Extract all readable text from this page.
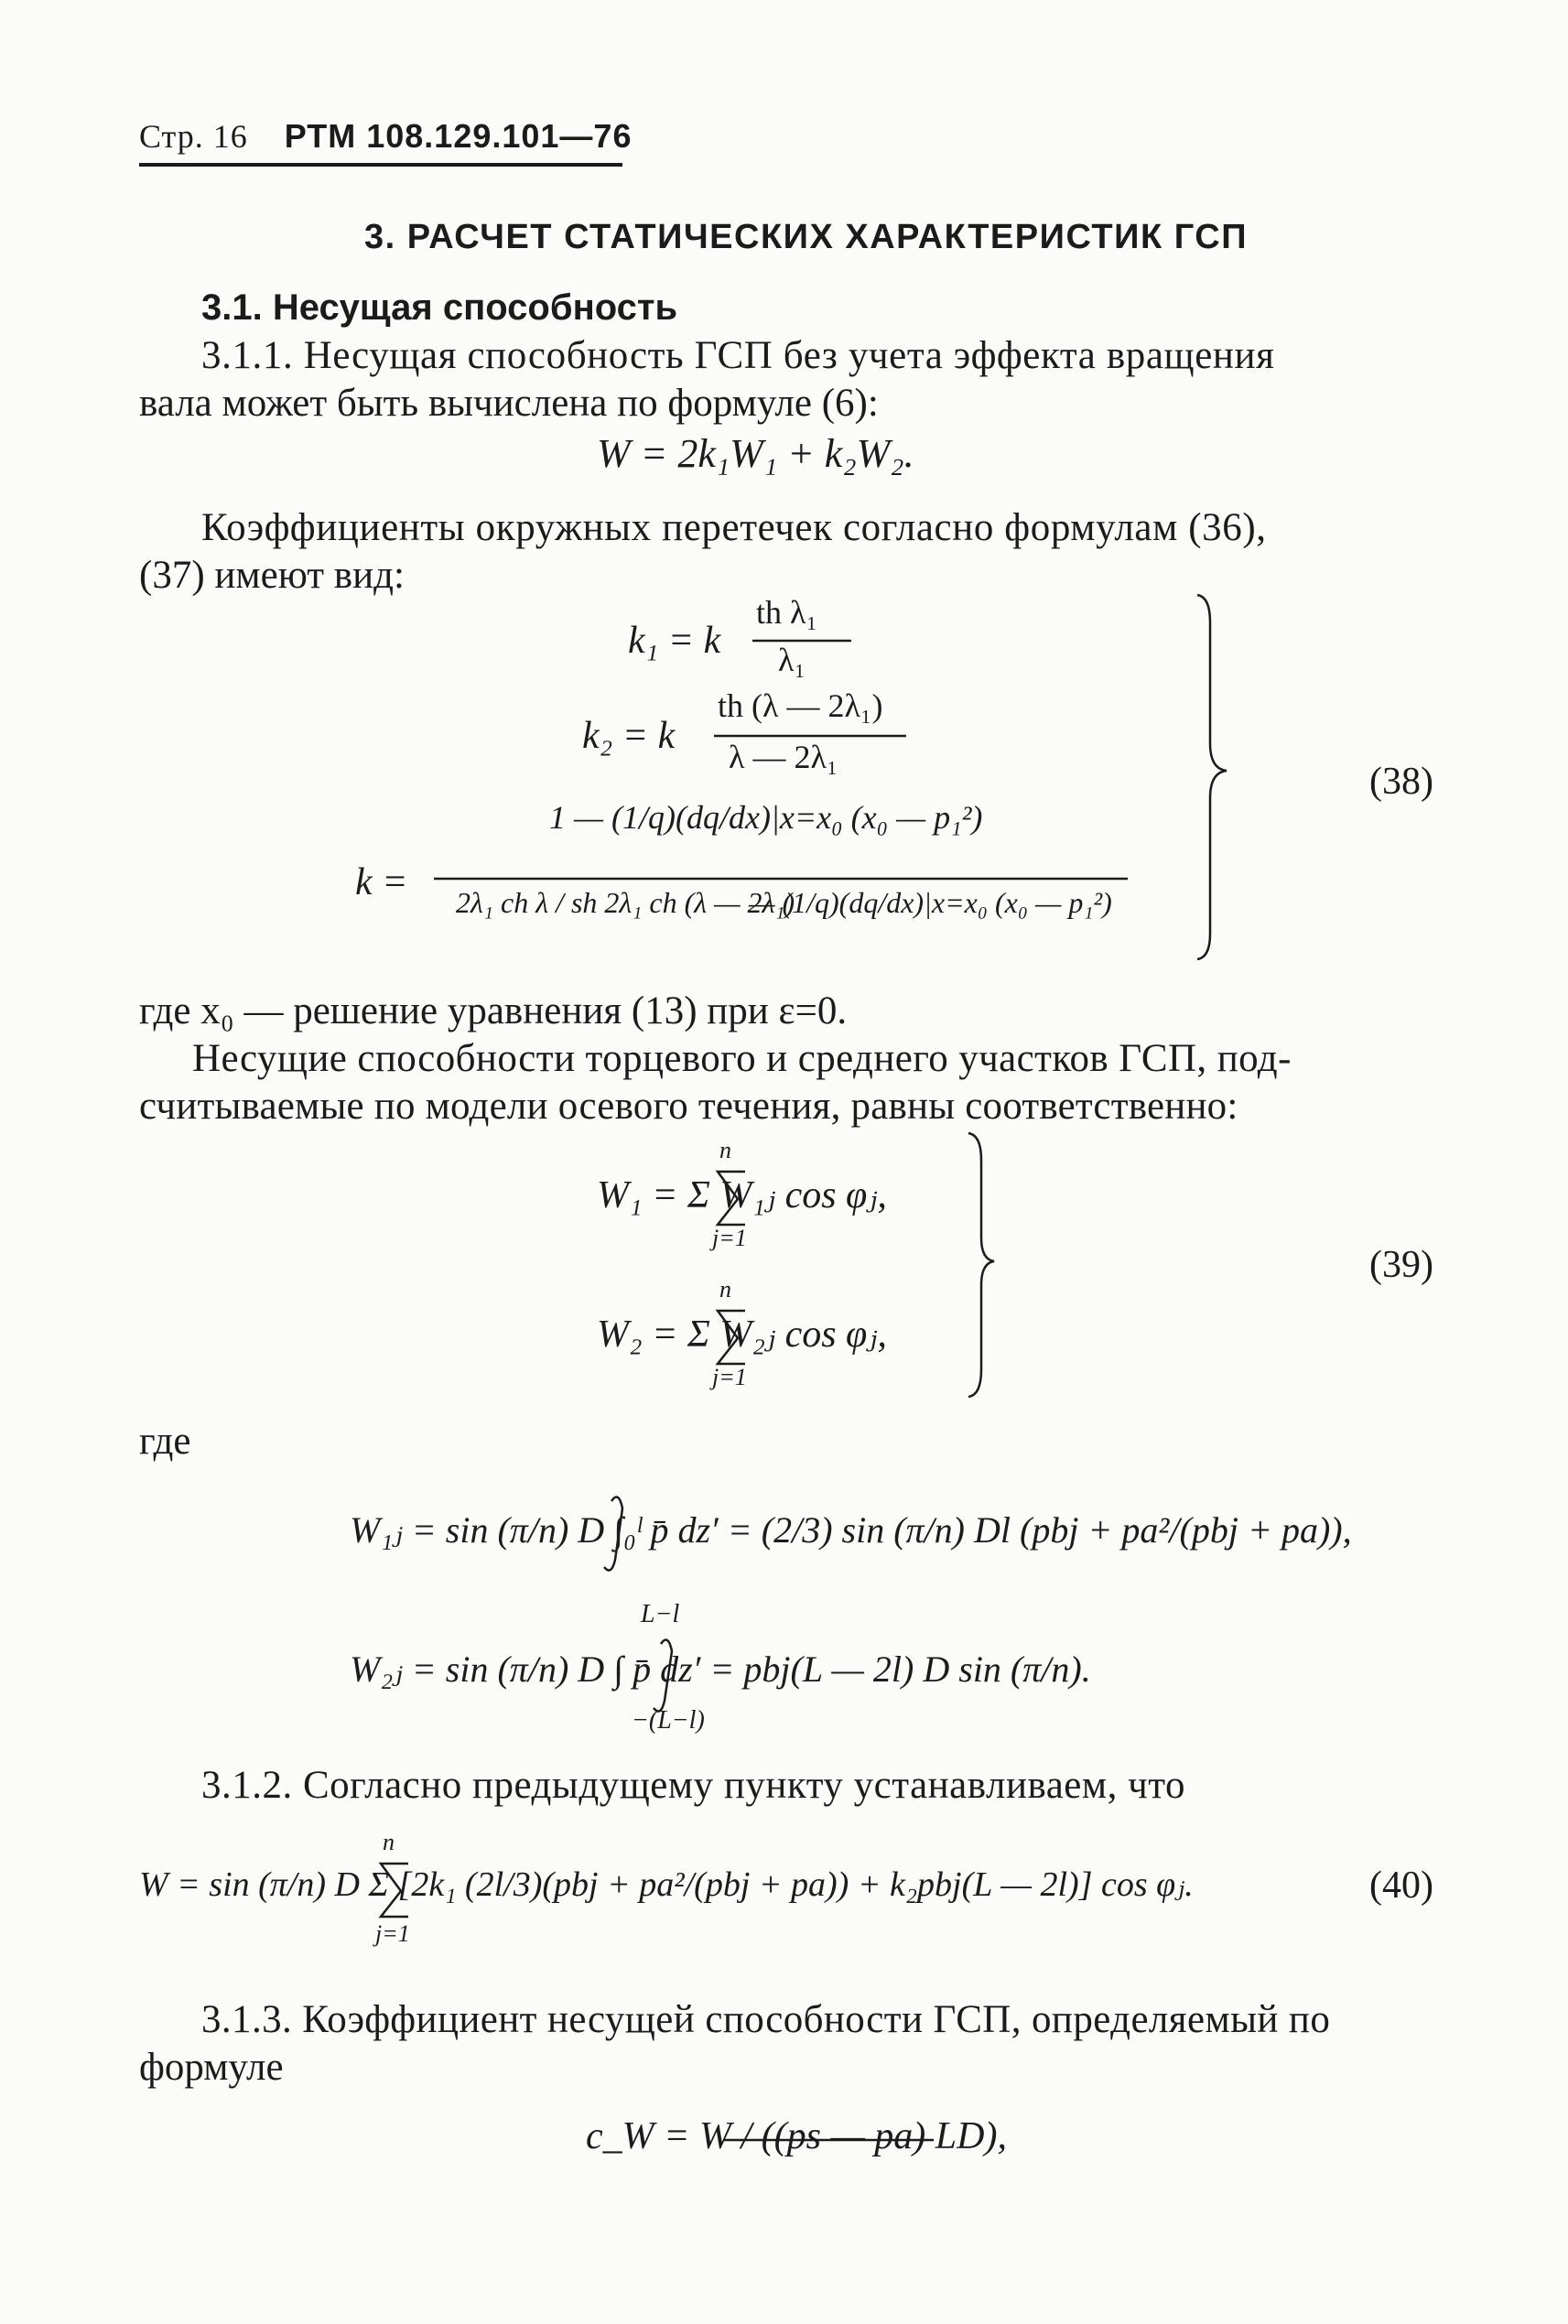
Стр. 16 РТМ 108.129.101—76
3. РАСЧЕТ СТАТИЧЕСКИХ ХАРАКТЕРИСТИК ГСП
3.1. Несущая способность
3.1.1. Несущая способность ГСП без учета эффекта вращения
вала может быть вычислена по формуле (6):
W = 2k₁W₁ + k₂W₂.
Коэффициенты окружных перетечек согласно формулам (36),
(37) имеют вид:
k₁ = k
th λ₁
λ₁
k₂ = k
th (λ — 2λ₁)
λ — 2λ₁
k =
1 — (1/q)(dq/dx)|x=x₀ (x₀ — p₁²)
2λ₁ ch λ / sh 2λ₁ ch (λ — 2λ₁)
— (1/q)(dq/dx)|x=x₀ (x₀ — p₁²)
(38)
где x₀ — решение уравнения (13) при ε=0.
Несущие способности торцевого и среднего участков ГСП, под-
считываемые по модели осевого течения, равны соответственно:
n
W₁ = Σ W₁ⱼ cos φⱼ,
j=1
n
W₂ = Σ W₂ⱼ cos φⱼ,
j=1
(39)
где
W₁ⱼ = sin (π/n) D ∫₀ˡ p̄ dz′ = (2/3) sin (π/n) Dl (pbj + pa²/(pbj + pa)),
L−l
W₂ⱼ = sin (π/n) D ∫ p̄ dz′ = pbj(L — 2l) D sin (π/n).
−(L−l)
3.1.2. Согласно предыдущему пункту устанавливаем, что
n
W = sin (π/n) D Σ [2k₁ (2l/3)(pbj + pa²/(pbj + pa)) + k₂pbj(L — 2l)] cos φⱼ.
j=1
(40)
3.1.3. Коэффициент несущей способности ГСП, определяемый по
формуле
c_W = W / ((ps — pa) LD),
